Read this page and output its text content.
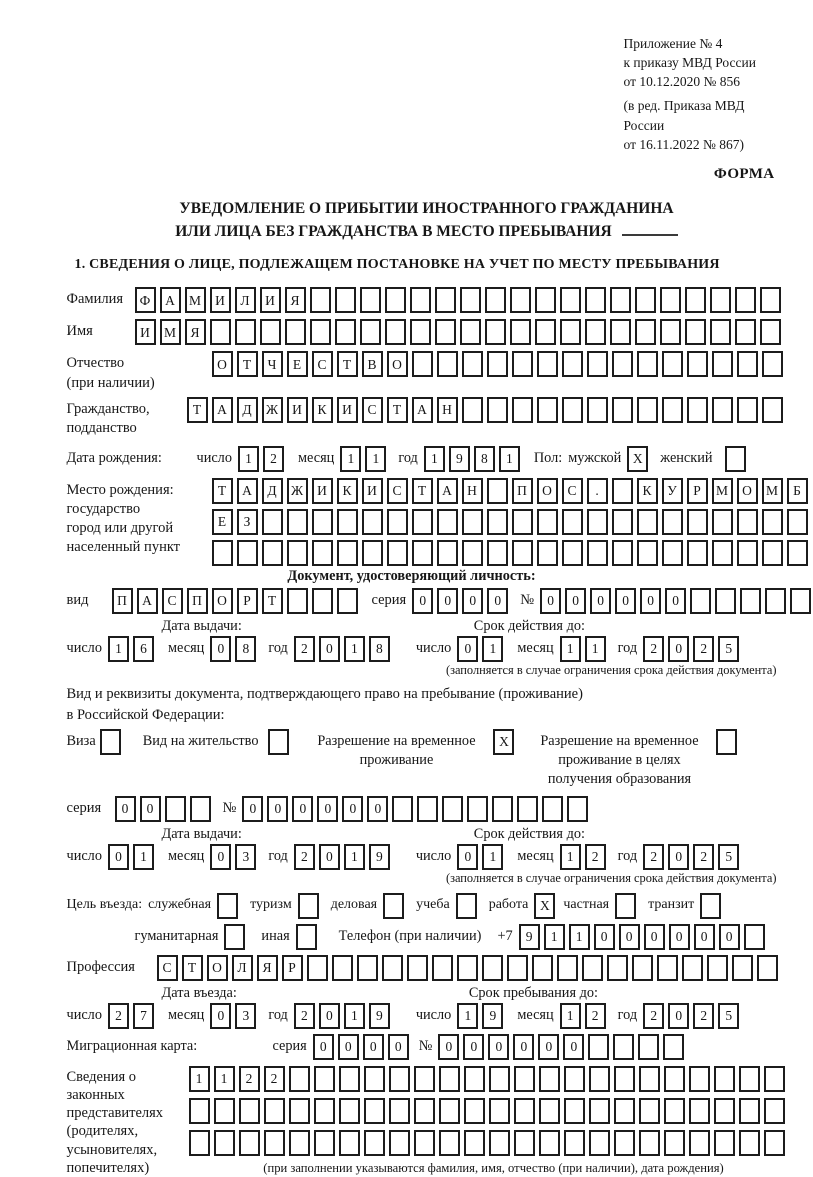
Приложение № 4
к приказу МВД России
от 10.12.2020 № 856
(в ред. Приказа МВД России
от 16.11.2022 № 867)
ФОРМА
УВЕДОМЛЕНИЕ О ПРИБЫТИИ ИНОСТРАННОГО ГРАЖДАНИНА
ИЛИ ЛИЦА БЕЗ ГРАЖДАНСТВА В МЕСТО ПРЕБЫВАНИЯ
1. СВЕДЕНИЯ О ЛИЦЕ, ПОДЛЕЖАЩЕМ ПОСТАНОВКЕ НА УЧЕТ ПО МЕСТУ ПРЕБЫВАНИЯ
Фамилия	Ф	А	М	И	Л	И	Я
Имя	И	М	Я
Отчество
(при наличии)
О	Т	Ч	Е	С	Т	В	О
Гражданство,
подданство
Т	А	Д	Ж	И	К	И	С	Т	А	Н
Дата рождения:	число 1	2	месяц 1	1	год 1	9	8	1	Пол: мужской X	женский
Место рождения:
государство
город или другой
населенный пункт
Т	А	Д	Ж	И	К	И	С	Т	А	Н	П	О	С	.	К	У	Р	М	О	М	Б
Е	З
Документ, удостоверяющий личность:
вид	П	А	С	П	О	Р	Т	серия 0	0	0	0	№ 0	0	0	0	0	0
Дата выдачи:	Срок действия до:
число 1	6	месяц 0	8	год 2	0	1	8	число 0	1	месяц 1	1	год 2	0	2	5
(заполняется в случае ограничения срока действия документа)
Вид и реквизиты документа, подтверждающего право на пребывание (проживание)
в Российской Федерации:
Виза	Вид на жительство	Разрешение на временное
проживание
X	Разрешение на временное
проживание в целях
получения образования
серия	0	0	№ 0	0	0	0	0	0
Дата выдачи:	Срок действия до:
число 0	1	месяц 0	3	год 2	0	1	9	число 0	1	месяц 1	2	год 2	0	2	5
(заполняется в случае ограничения срока действия документа)
Цель въезда: служебная	туризм	деловая	учеба	работа X частная	транзит
гуманитарная	иная	Телефон (при наличии) +7 9	1	1	0	0	0	0	0	0
Профессия	С	Т	О	Л	Я	Р
Дата въезда:	Срок пребывания до:
число 2	7	месяц 0	3	год 2	0	1	9	число 1	9	месяц 1	2	год 2	0	2	5
Миграционная карта:	серия 0	0	0	0	№ 0	0	0	0	0	0
Сведения о
законных
представителях
(родителях,
усыновителях,
попечителях)
1	1	2	2
(при заполнении указываются фамилия, имя, отчество (при наличии), дата рождения)
